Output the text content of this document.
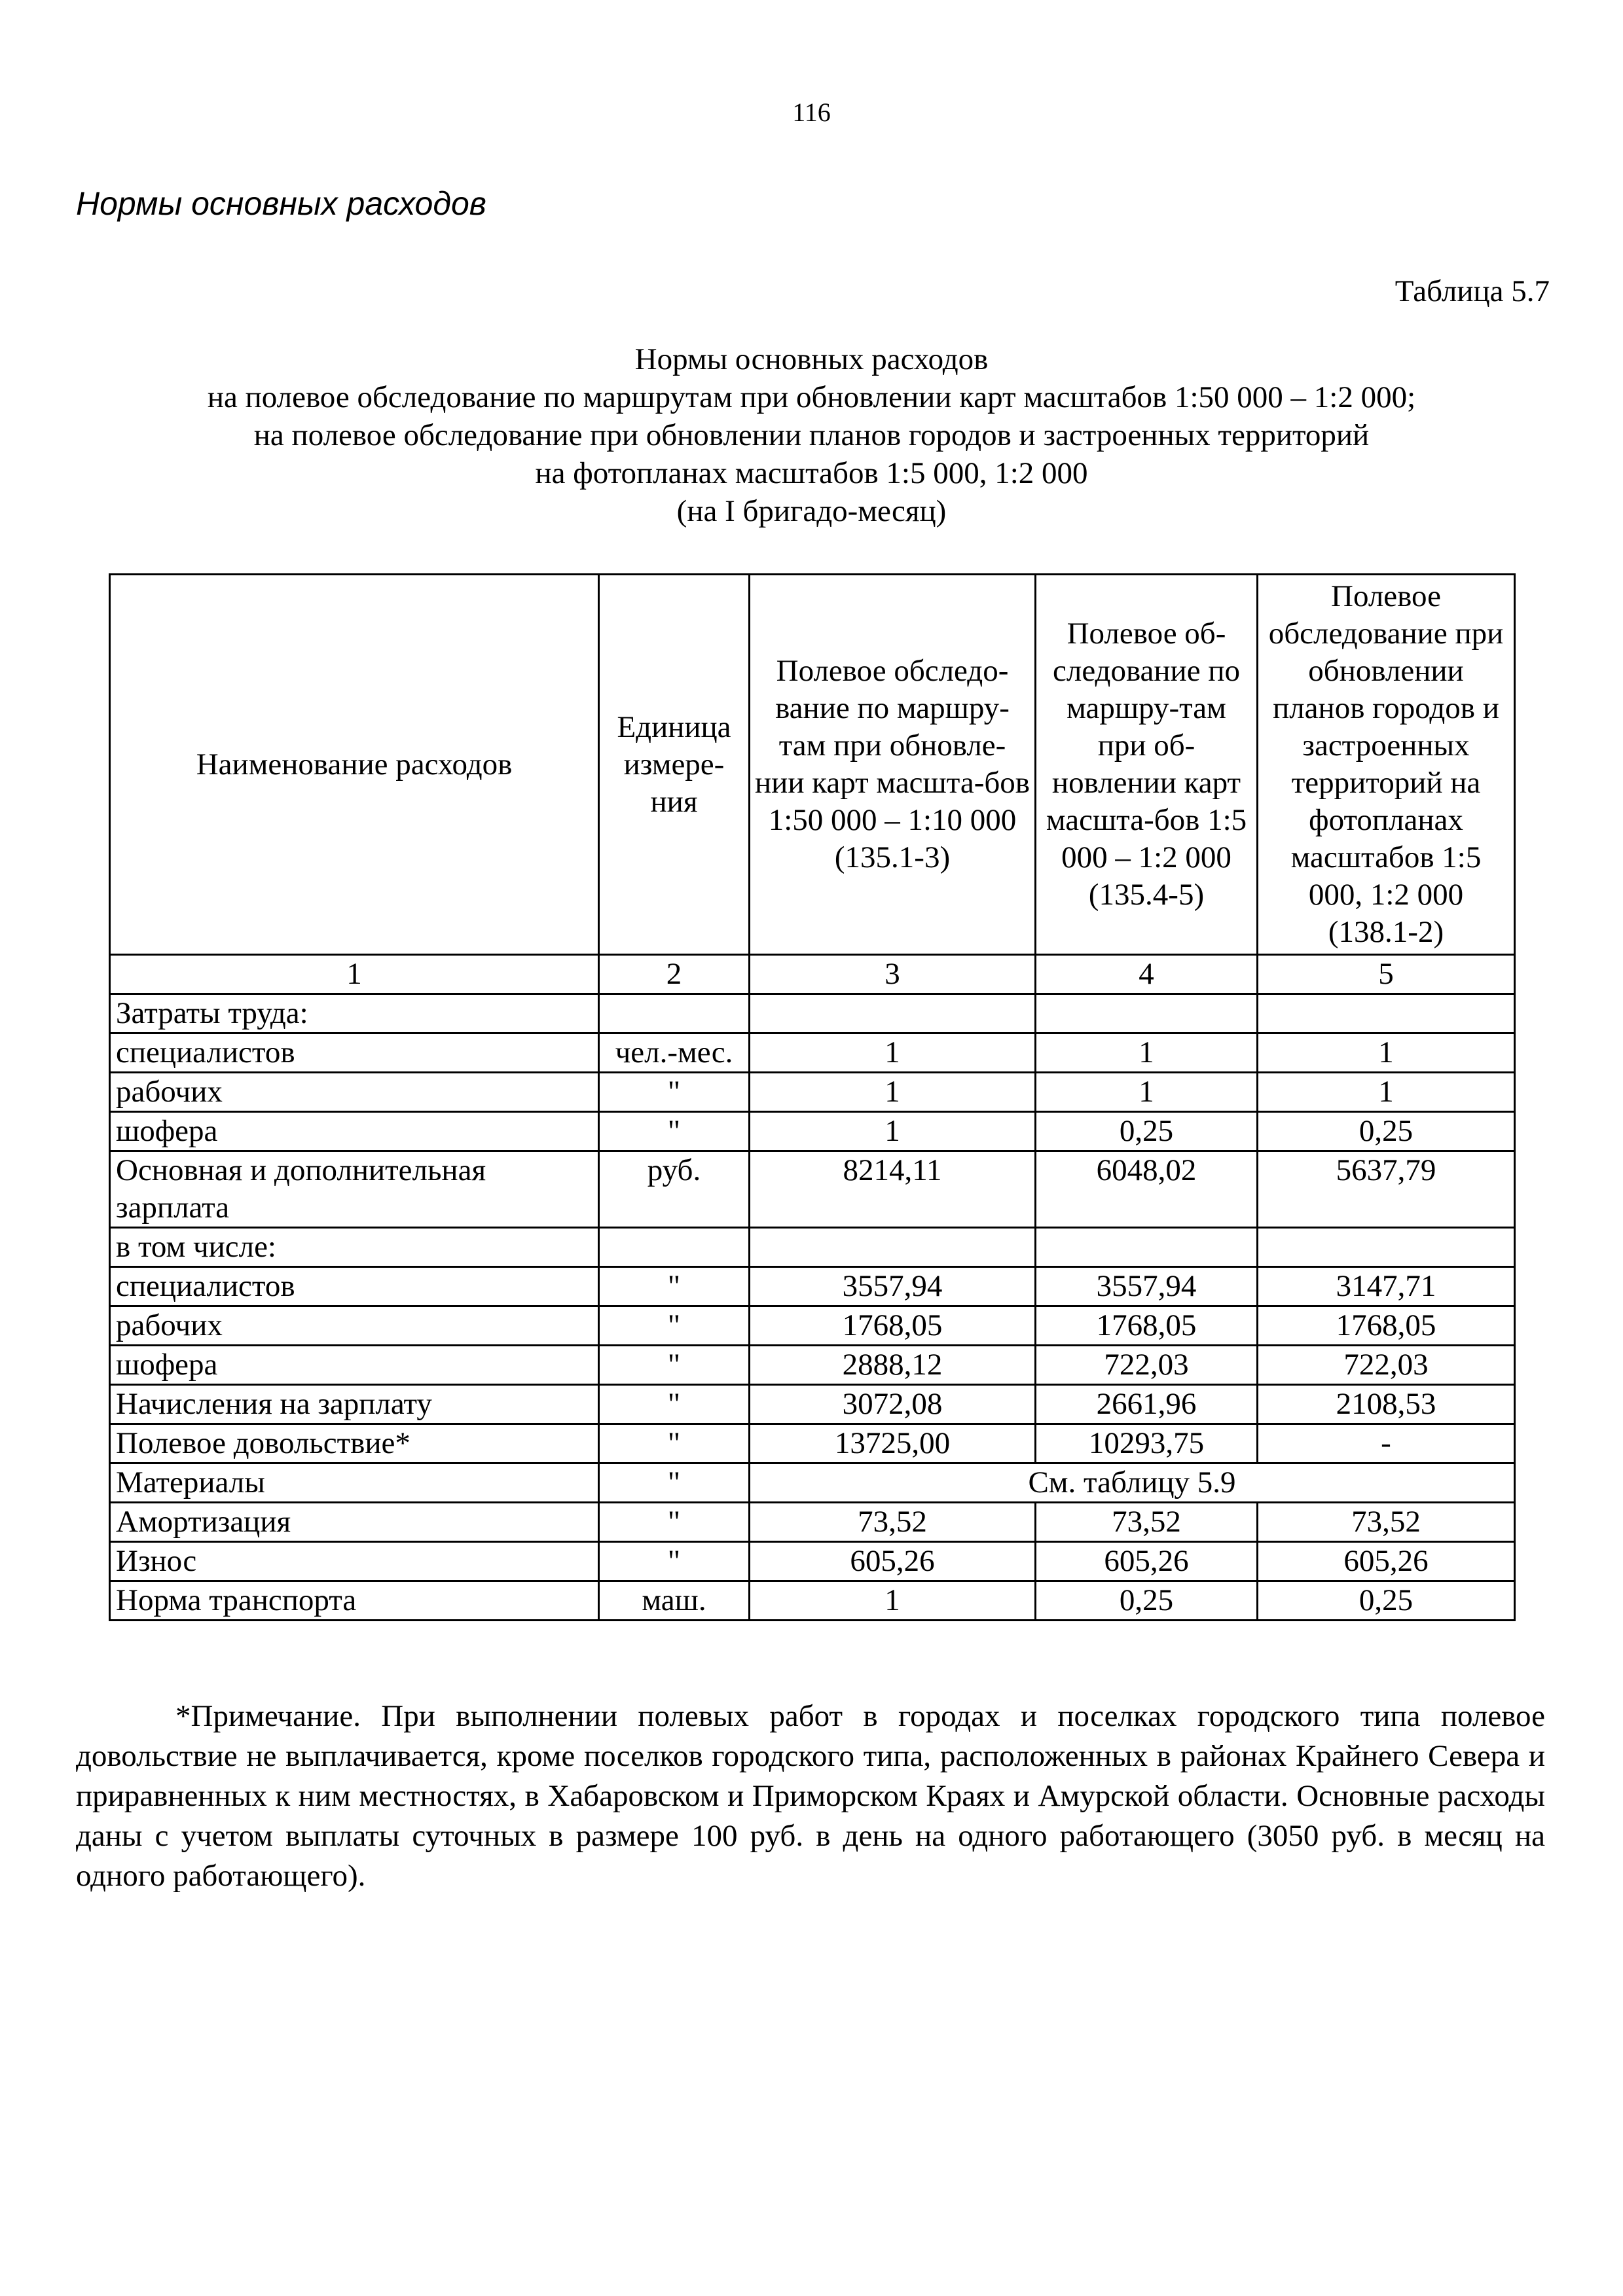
116
Нормы основных расходов
Таблица 5.7
Нормы основных расходов
на полевое обследование по маршрутам при обновлении карт масштабов 1:50 000 – 1:2 000;
на полевое обследование при обновлении планов городов и застроенных территорий
на фотопланах масштабов 1:5 000, 1:2 000
(на I бригадо-месяц)
Наименование расходов	Единица измере-ния	Полевое обследо-вание по маршру-там при обновле-нии карт масшта-бов 1:50 000 – 1:10 000 (135.1-3)	Полевое об-следование по маршру-там при об-новлении карт масшта-бов 1:5 000 – 1:2 000 (135.4-5)	Полевое обследование при обновлении планов городов и застроенных территорий на фотопланах масштабов 1:5 000, 1:2 000 (138.1-2)
1	2	3	4	5
Затраты труда:				
специалистов	чел.-мес.	1	1	1
рабочих	"	1	1	1
шофера	"	1	0,25	0,25
Основная и дополнительная зарплата	руб.	8214,11	6048,02	5637,79
в том числе:				
специалистов	"	3557,94	3557,94	3147,71
рабочих	"	1768,05	1768,05	1768,05
шофера	"	2888,12	722,03	722,03
Начисления на зарплату	"	3072,08	2661,96	2108,53
Полевое довольствие*	"	13725,00	10293,75	-
Материалы	"	См. таблицу 5.9		
Амортизация	"	73,52	73,52	73,52
Износ	"	605,26	605,26	605,26
Норма транспорта	маш.	1	0,25	0,25
*Примечание. При выполнении полевых работ в городах и поселках городского типа полевое довольствие не выплачивается, кроме поселков городского типа, расположенных в районах Крайнего Севера и приравненных к ним местностях, в Хабаровском и Приморском Краях и Амурской области. Основные расходы даны с учетом выплаты суточных в размере 100 руб. в день на одного работающего (3050 руб. в месяц на одного работающего).
